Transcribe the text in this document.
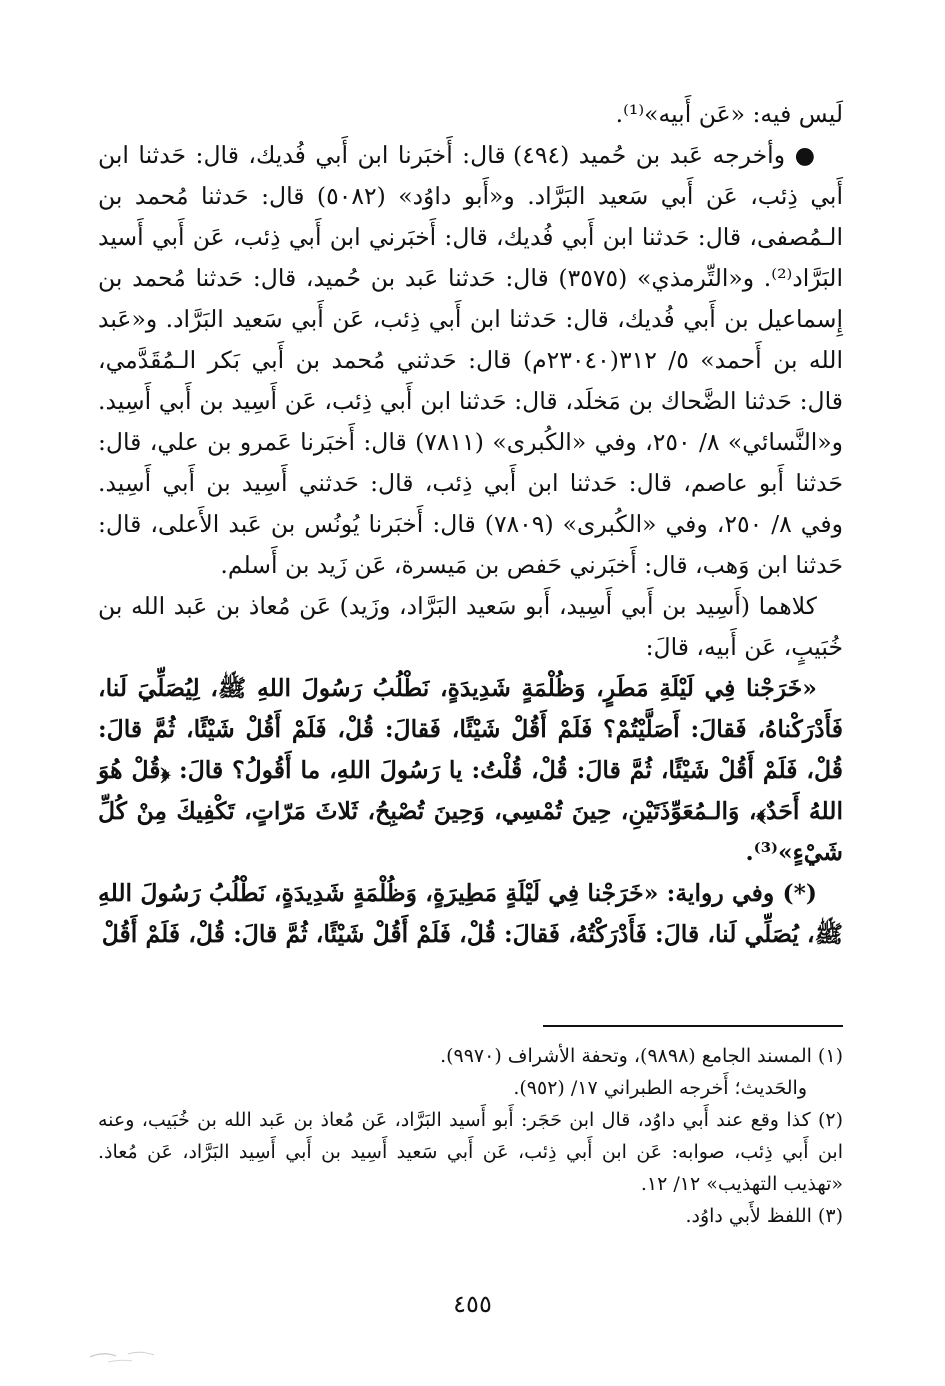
لَيس فيه: «عَن أَبيه»⁽¹⁾.

● وأخرجه عَبد بن حُميد (٤٩٤) قال: أَخبَرنا ابن أَبي فُديك، قال: حَدثنا ابن أَبي ذِئب، عَن أَبي سَعيد البَرَّاد. و«أَبو داوُد» (٥٠٨٢) قال: حَدثنا مُحمد بن الـمُصفى، قال: حَدثنا ابن أَبي فُديك، قال: أَخبَرني ابن أَبي ذِئب، عَن أَبي أَسيد البَرَّاد⁽²⁾. و«التِّرمذي» (٣٥٧٥) قال: حَدثنا عَبد بن حُميد، قال: حَدثنا مُحمد بن إِسماعيل بن أَبي فُديك، قال: حَدثنا ابن أَبي ذِئب، عَن أَبي سَعيد البَرَّاد. و«عَبد الله بن أَحمد» ٥/ ٣١٢(٢٣٠٤٠م) قال: حَدثني مُحمد بن أَبي بَكر الـمُقَدَّمي، قال: حَدثنا الضَّحاك بن مَخلَد، قال: حَدثنا ابن أَبي ذِئب، عَن أَسِيد بن أَبي أَسِيد. و«النَّسائي» ٨/ ٢٥٠، وفي «الكُبرى» (٧٨١١) قال: أَخبَرنا عَمرو بن علي، قال: حَدثنا أَبو عاصم، قال: حَدثنا ابن أَبي ذِئب، قال: حَدثني أَسِيد بن أَبي أَسِيد. وفي ٨/ ٢٥٠، وفي «الكُبرى» (٧٨٠٩) قال: أَخبَرنا يُونُس بن عَبد الأَعلى، قال: حَدثنا ابن وَهب، قال: أَخبَرني حَفص بن مَيسرة، عَن زَيد بن أَسلم.

كلاهما (أَسِيد بن أَبي أَسِيد، أَبو سَعيد البَرَّاد، وزَيد) عَن مُعاذ بن عَبد الله بن خُبَيبٍ، عَن أَبيه، قالَ:

«خَرَجْنا فِي لَيْلَةِ مَطَرٍ، وَظُلْمَةٍ شَدِيدَةٍ، نَطْلُبُ رَسُولَ اللهِ ﷺ، لِيُصَلِّيَ لَنا، فَأَدْرَكْناهُ، فَقالَ: أَصَلَّيْتُمْ؟ فَلَمْ أَقُلْ شَيْئًا، فَقالَ: قُلْ، فَلَمْ أَقُلْ شَيْئًا، ثُمَّ قالَ: قُلْ، فَلَمْ أَقُلْ شَيْئًا، ثُمَّ قالَ: قُلْ، قُلْتُ: يا رَسُولَ اللهِ، ما أَقُولُ؟ قالَ: ﴿قُلْ هُوَ اللهُ أَحَدٌ﴾، وَالـمُعَوِّذَتَيْنِ، حِينَ تُمْسِي، وَحِينَ تُصْبِحُ، ثَلاثَ مَرّاتٍ، تَكْفِيكَ مِنْ كُلِّ شَيْءٍ»⁽³⁾.

(*) وفي رواية: «خَرَجْنا فِي لَيْلَةٍ مَطِيرَةٍ، وَظُلْمَةٍ شَدِيدَةٍ، نَطْلُبُ رَسُولَ اللهِ ﷺ، يُصَلِّي لَنا، قالَ: فَأَدْرَكْتُهُ، فَقالَ: قُلْ، فَلَمْ أَقُلْ شَيْئًا، ثُمَّ قالَ: قُلْ، فَلَمْ أَقُلْ

(١) المسند الجامع (٩٨٩٨)، وتحفة الأشراف (٩٩٧٠).

والحَديث؛ أَخرجه الطبراني ١٧/ (٩٥٢).

(٢) كذا وقع عند أَبي داوُد، قال ابن حَجَر: أَبو أَسيد البَرَّاد، عَن مُعاذ بن عَبد الله بن خُبَيب، وعنه ابن أَبي ذِئب، صوابه: عَن ابن أَبي ذِئب، عَن أَبي سَعيد أَسِيد بن أَبي أَسِيد البَرَّاد، عَن مُعاذ. «تهذيب التهذيب» ١٢/ ١٢.

(٣) اللفظ لأَبي داوُد.

٤٥٥
